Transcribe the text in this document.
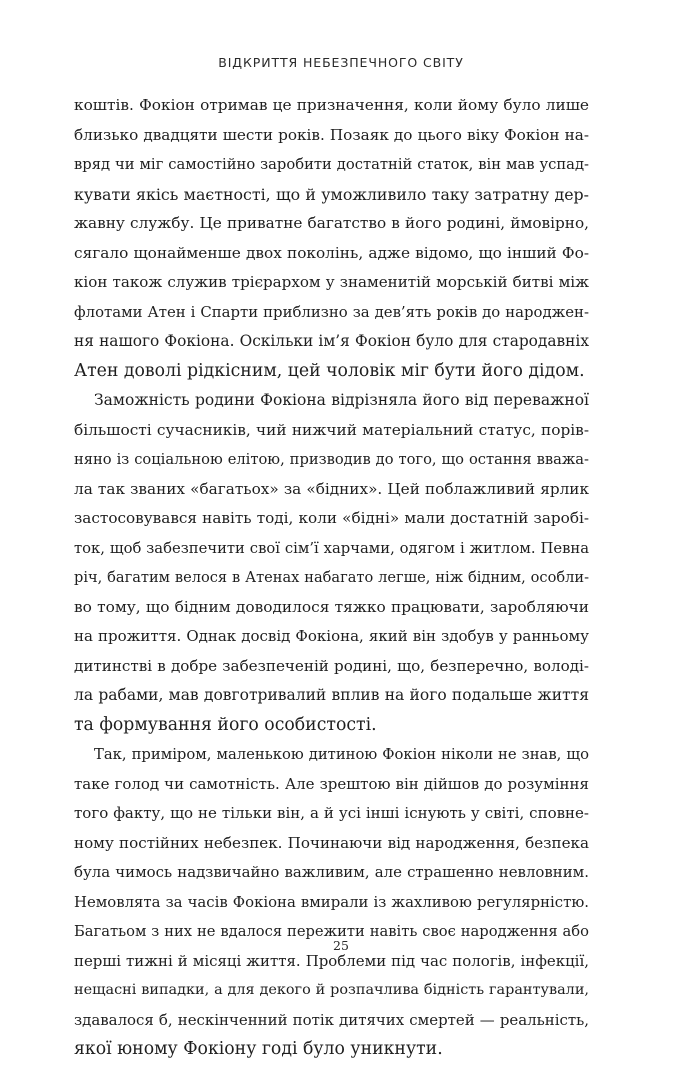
ВІДКРИТТЯ НЕБЕЗПЕЧНОГО СВІТУ
коштів. Фокіон отримав це призначення, коли йому було лише
близько двадцяти шести років. Позаяк до цього віку Фокіон на-
вряд чи міг самостійно заробити достатній статок, він мав успад-
кувати якісь маєтності, що й уможливило таку затратну дер-
жавну службу. Це приватне багатство в його родині, ймовірно,
сягало щонайменше двох поколінь, адже відомо, що інший Фо-
кіон також служив трієрархом у знаменитій морській битві між
флотами Атен і Спарти приблизно за дев’ять років до народжен-
ня нашого Фокіона. Оскільки ім’я Фокіон було для стародавніх
Атен доволі рідкісним, цей чоловік міг бути його дідом.
Заможність родини Фокіона відрізняла його від переважної
більшості сучасників, чий нижчий матеріальний статус, порів-
няно із соціальною елітою, призводив до того, що остання вважа-
ла так званих «багатьох» за «бідних». Цей поблажливий ярлик
застосовувався навіть тоді, коли «бідні» мали достатній заробі-
ток, щоб забезпечити свої сім’ї харчами, одягом і житлом. Певна
річ, багатим велося в Атенах набагато легше, ніж бідним, особли-
во тому, що бідним доводилося тяжко працювати, заробляючи
на прожиття. Однак досвід Фокіона, який він здобув у ранньому
дитинстві в добре забезпеченій родині, що, безперечно, володі-
ла рабами, мав довготривалий вплив на його подальше життя
та формування його особистості.
Так, приміром, маленькою дитиною Фокіон ніколи не знав, що
таке голод чи самотність. Але зрештою він дійшов до розуміння
того факту, що не тільки він, а й усі інші існують у світі, сповне-
ному постійних небезпек. Починаючи від народження, безпека
була чимось надзвичайно важливим, але страшенно невловним.
Немовлята за часів Фокіона вмирали із жахливою регулярністю.
Багатьом з них не вдалося пережити навіть своє народження або
перші тижні й місяці життя. Проблеми під час пологів, інфекції,
нещасні випадки, а для декого й розпачлива бідність гарантували,
здавалося б, нескінченний потік дитячих смертей — реальність,
якої юному Фокіону годі було уникнути.
25
